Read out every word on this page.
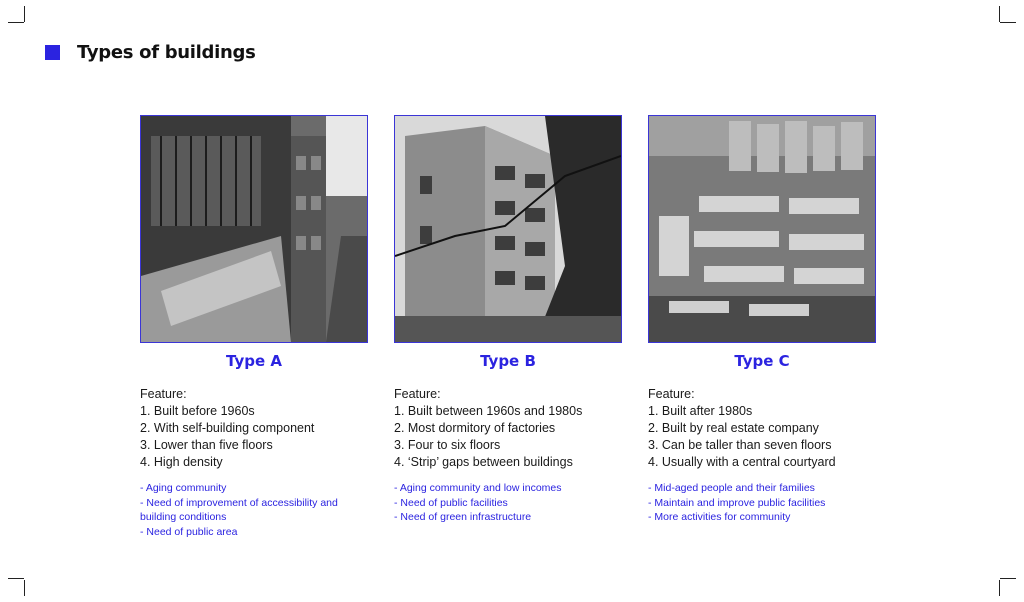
Types of buildings
Type A
Feature:
1. Built before 1960s
2. With self-building component
3. Lower than five floors
4. High density
- Aging community
- Need of improvement of accessibility and building conditions
- Need of public area
Type B
Feature:
1. Built between 1960s and 1980s
2. Most dormitory of factories
3. Four to six floors
4. ‘Strip’ gaps between buildings
- Aging community and low incomes
- Need of public facilities
- Need of green infrastructure
Type C
Feature:
1. Built after 1980s
2. Built by real estate company
3. Can be taller than seven floors
4. Usually with a central courtyard
- Mid-aged people and their families
- Maintain and improve public facilities
- More activities for community
